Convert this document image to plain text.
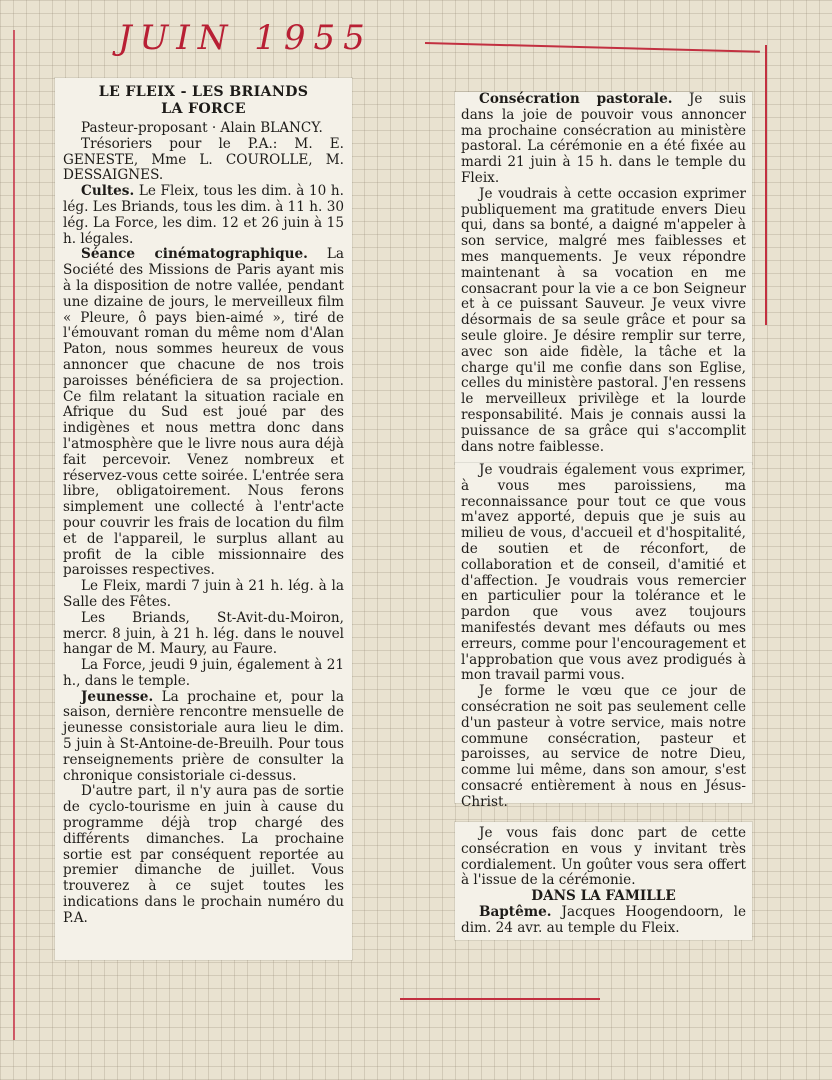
JUIN 1955

LE FLEIX - LES BRIANDS

LA FORCE

Pasteur-proposant · Alain BLANCY.

Trésoriers pour le P.A.: M. E. GENESTE, Mme L. COUROLLE, M. DESSAIGNES.

Cultes. Le Fleix, tous les dim. à 10 h. lég. Les Briands, tous les dim. à 11 h. 30 lég. La Force, les dim. 12 et 26 juin à 15 h. légales.

Séance cinématographique. La Société des Missions de Paris ayant mis à la disposition de notre vallée, pendant une dizaine de jours, le merveilleux film « Pleure, ô pays bien-aimé », tiré de l'émouvant roman du même nom d'Alan Paton, nous sommes heureux de vous annoncer que chacune de nos trois paroisses bénéficiera de sa projection. Ce film relatant la situation raciale en Afrique du Sud est joué par des indigènes et nous mettra donc dans l'atmosphère que le livre nous aura déjà fait percevoir. Venez nombreux et réservez-vous cette soirée. L'entrée sera libre, obligatoirement. Nous ferons simplement une collecté à l'entr'acte pour couvrir les frais de location du film et de l'appareil, le surplus allant au profit de la cible missionnaire des paroisses respectives.

Le Fleix, mardi 7 juin à 21 h. lég. à la Salle des Fêtes.

Les Briands, St-Avit-du-Moiron, mercr. 8 juin, à 21 h. lég. dans le nouvel hangar de M. Maury, au Faure.

La Force, jeudi 9 juin, également à 21 h., dans le temple.

Jeunesse. La prochaine et, pour la saison, dernière rencontre mensuelle de jeunesse consistoriale aura lieu le dim. 5 juin à St-Antoine-de-Breuilh. Pour tous renseignements prière de consulter la chronique consistoriale ci-dessus.

D'autre part, il n'y aura pas de sortie de cyclo-tourisme en juin à cause du programme déjà trop chargé des différents dimanches. La prochaine sortie est par conséquent reportée au premier dimanche de juillet. Vous trouverez à ce sujet toutes les indications dans le prochain numéro du P.A.

Consécration pastorale. Je suis dans la joie de pouvoir vous annoncer ma prochaine consécration au ministère pastoral. La cérémonie en a été fixée au mardi 21 juin à 15 h. dans le temple du Fleix.

Je voudrais à cette occasion exprimer publiquement ma gratitude envers Dieu qui, dans sa bonté, a daigné m'appeler à son service, malgré mes faiblesses et mes manquements. Je veux répondre maintenant à sa vocation en me consacrant pour la vie a ce bon Seigneur et à ce puissant Sauveur. Je veux vivre désormais de sa seule grâce et pour sa seule gloire. Je désire remplir sur terre, avec son aide fidèle, la tâche et la charge qu'il me confie dans son Eglise, celles du ministère pastoral. J'en ressens le merveilleux privilège et la lourde responsabilité. Mais je connais aussi la puissance de sa grâce qui s'accomplit dans notre faiblesse.

Je voudrais également vous exprimer, à vous mes paroissiens, ma reconnaissance pour tout ce que vous m'avez apporté, depuis que je suis au milieu de vous, d'accueil et d'hospitalité, de soutien et de réconfort, de collaboration et de conseil, d'amitié et d'affection. Je voudrais vous remercier en particulier pour la tolérance et le pardon que vous avez toujours manifestés devant mes défauts ou mes erreurs, comme pour l'encouragement et l'approbation que vous avez prodigués à mon travail parmi vous.

Je forme le vœu que ce jour de consécration ne soit pas seulement celle d'un pasteur à votre service, mais notre commune consécration, pasteur et paroisses, au service de notre Dieu, comme lui même, dans son amour, s'est consacré entièrement à nous en Jésus-Christ.

Je vous fais donc part de cette consécration en vous y invitant très cordialement. Un goûter vous sera offert à l'issue de la cérémonie.

DANS LA FAMILLE

Baptême. Jacques Hoogendoorn, le dim. 24 avr. au temple du Fleix.
